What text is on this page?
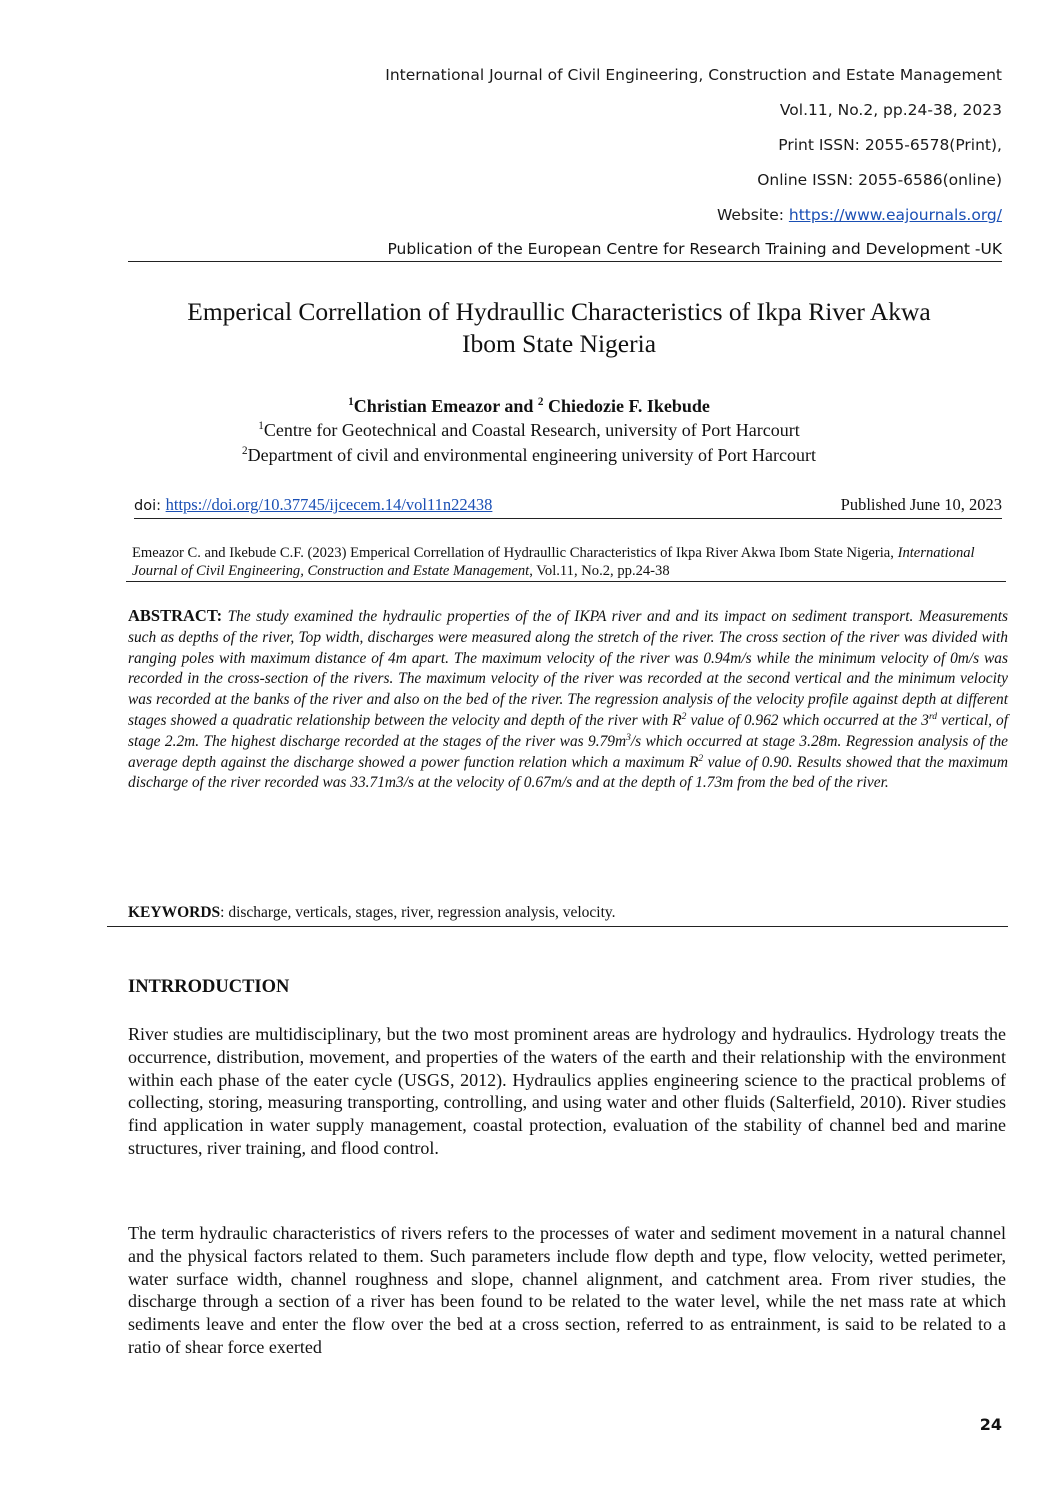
International Journal of Civil Engineering, Construction and Estate Management
Vol.11, No.2, pp.24-38, 2023
Print ISSN: 2055-6578(Print),
Online ISSN: 2055-6586(online)
Website: https://www.eajournals.org/
Publication of the European Centre for Research Training and Development -UK
Emperical Correllation of Hydraullic Characteristics of Ikpa River Akwa
Ibom State Nigeria
$^1$Christian Emeazor and $^2$ Chiedozie F. Ikebude
$^1$Centre for Geotechnical and Coastal Research, university of Port Harcourt
$^2$Department of civil and environmental engineering university of Port Harcourt
doi: https://doi.org/10.37745/ijcecem.14/vol11n22438	Published June 10, 2023
Emeazor C. and Ikebude C.F. (2023) Emperical Correllation of Hydraullic Characteristics of Ikpa River Akwa Ibom State Nigeria, International Journal of Civil Engineering, Construction and Estate Management, Vol.11, No.2, pp.24-38
ABSTRACT: The study examined the hydraulic properties of the of IKPA river and and its impact on sediment transport. Measurements such as depths of the river, Top width, discharges were measured along the stretch of the river. The cross section of the river was divided with ranging poles with maximum distance of 4m apart. The maximum velocity of the river was 0.94m/s while the minimum velocity of 0m/s was recorded in the cross-section of the rivers. The maximum velocity of the river was recorded at the second vertical and the minimum velocity was recorded at the banks of the river and also on the bed of the river. The regression analysis of the velocity profile against depth at different stages showed a quadratic relationship between the velocity and depth of the river with $R^2$ value of 0.962 which occurred at the 3rd vertical, of stage 2.2m. The highest discharge recorded at the stages of the river was $9.79m^3/s$ which occurred at stage 3.28m. Regression analysis of the average depth against the discharge showed a power function relation which a maximum $R^2$ value of 0.90. Results showed that the maximum discharge of the river recorded was 33.71m3/s at the velocity of 0.67m/s and at the depth of 1.73m from the bed of the river.
KEYWORDS: discharge, verticals, stages, river, regression analysis, velocity.
INTRRODUCTION
River studies are multidisciplinary, but the two most prominent areas are hydrology and hydraulics. Hydrology treats the occurrence, distribution, movement, and properties of the waters of the earth and their relationship with the environment within each phase of the eater cycle (USGS, 2012). Hydraulics applies engineering science to the practical problems of collecting, storing, measuring transporting, controlling, and using water and other fluids (Salterfield, 2010). River studies find application in water supply management, coastal protection, evaluation of the stability of channel bed and marine structures, river training, and flood control.
The term hydraulic characteristics of rivers refers to the processes of water and sediment movement in a natural channel and the physical factors related to them. Such parameters include flow depth and type, flow velocity, wetted perimeter, water surface width, channel roughness and slope, channel alignment, and catchment area. From river studies, the discharge through a section of a river has been found to be related to the water level, while the net mass rate at which sediments leave and enter the flow over the bed at a cross section, referred to as entrainment, is said to be related to a ratio of shear force exerted
24
